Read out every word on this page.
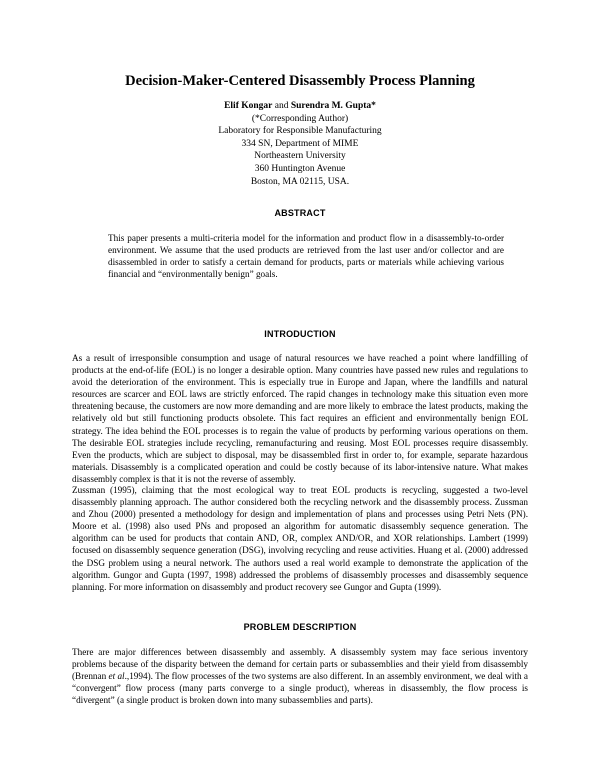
Decision-Maker-Centered Disassembly Process Planning
Elif Kongar and Surendra M. Gupta*
(*Corresponding Author)
Laboratory for Responsible Manufacturing
334 SN, Department of MIME
Northeastern University
360 Huntington Avenue
Boston, MA 02115, USA.
ABSTRACT

This paper presents a multi-criteria model for the information and product flow in a disassembly-to-order environment. We assume that the used products are retrieved from the last user and/or collector and are disassembled in order to satisfy a certain demand for products, parts or materials while achieving various financial and “environmentally benign” goals.

INTRODUCTION

As a result of irresponsible consumption and usage of natural resources we have reached a point where landfilling of products at the end-of-life (EOL) is no longer a desirable option. Many countries have passed new rules and regulations to avoid the deterioration of the environment. This is especially true in Europe and Japan, where the landfills and natural resources are scarcer and EOL laws are strictly enforced. The rapid changes in technology make this situation even more threatening because, the customers are now more demanding and are more likely to embrace the latest products, making the relatively old but still functioning products obsolete. This fact requires an efficient and environmentally benign EOL strategy. The idea behind the EOL processes is to regain the value of products by performing various operations on them. The desirable EOL strategies include recycling, remanufacturing and reusing. Most EOL processes require disassembly. Even the products, which are subject to disposal, may be disassembled first in order to, for example, separate hazardous materials. Disassembly is a complicated operation and could be costly because of its labor-intensive nature. What makes disassembly complex is that it is not the reverse of assembly.

Zussman (1995), claiming that the most ecological way to treat EOL products is recycling, suggested a two-level disassembly planning approach. The author considered both the recycling network and the disassembly process. Zussman and Zhou (2000) presented a methodology for design and implementation of plans and processes using Petri Nets (PN). Moore et al. (1998) also used PNs and proposed an algorithm for automatic disassembly sequence generation. The algorithm can be used for products that contain AND, OR, complex AND/OR, and XOR relationships. Lambert (1999) focused on disassembly sequence generation (DSG), involving recycling and reuse activities. Huang et al. (2000) addressed the DSG problem using a neural network. The authors used a real world example to demonstrate the application of the algorithm. Gungor and Gupta (1997, 1998) addressed the problems of disassembly processes and disassembly sequence planning. For more information on disassembly and product recovery see Gungor and Gupta (1999).

PROBLEM DESCRIPTION

There are major differences between disassembly and assembly. A disassembly system may face serious inventory problems because of the disparity between the demand for certain parts or subassemblies and their yield from disassembly (Brennan et al.,1994). The flow processes of the two systems are also different. In an assembly environment, we deal with a “convergent” flow process (many parts converge to a single product), whereas in disassembly, the flow process is “divergent” (a single product is broken down into many subassemblies and parts).
